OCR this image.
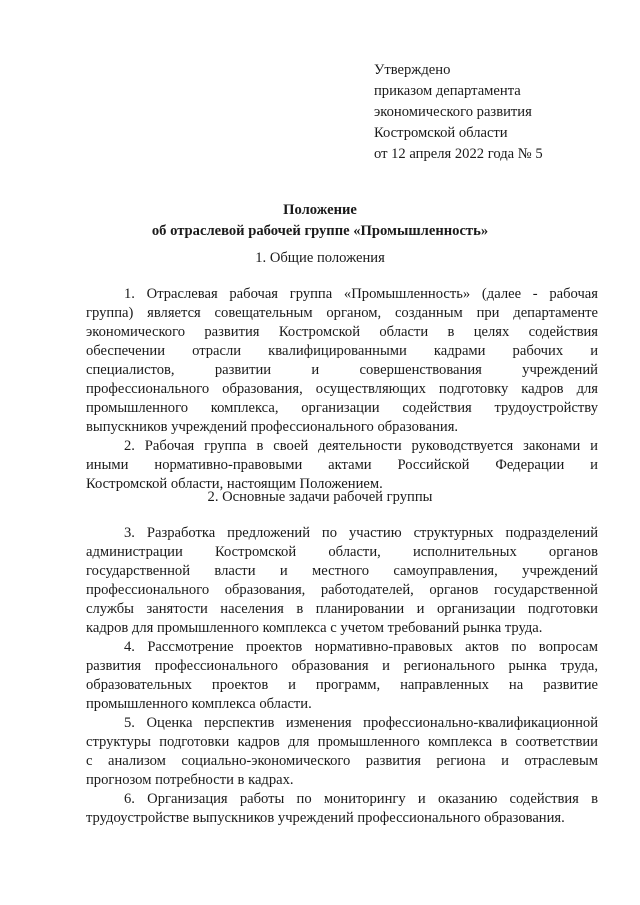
Утверждено
приказом департамента
экономического развития
Костромской области
от 12 апреля 2022 года № 5
Положение
об отраслевой рабочей группе «Промышленность»
1. Общие положения
1. Отраслевая рабочая группа «Промышленность» (далее - рабочая
группа) является совещательным органом, созданным при департаменте
экономического развития Костромской области в целях содействия
обеспечении отрасли квалифицированными кадрами рабочих и
специалистов, развитии и совершенствования учреждений
профессионального образования, осуществляющих подготовку кадров для
промышленного комплекса, организации содействия трудоустройству
выпускников учреждений профессионального образования.
2. Рабочая группа в своей деятельности руководствуется законами и
иными нормативно-правовыми актами Российской Федерации и
Костромской области, настоящим Положением.
2. Основные задачи рабочей группы
3. Разработка предложений по участию структурных подразделений
администрации Костромской области, исполнительных органов
государственной власти и местного самоуправления, учреждений
профессионального образования, работодателей, органов государственной
службы занятости населения в планировании и организации подготовки
кадров для промышленного комплекса с учетом требований рынка труда.
4. Рассмотрение проектов нормативно-правовых актов по вопросам
развития профессионального образования и регионального рынка труда,
образовательных проектов и программ, направленных на развитие
промышленного комплекса области.
5. Оценка перспектив изменения профессионально-квалификационной
структуры подготовки кадров для промышленного комплекса в соответствии
с анализом социально-экономического развития региона и отраслевым
прогнозом потребности в кадрах.
6. Организация работы по мониторингу и оказанию содействия в
трудоустройстве выпускников учреждений профессионального образования.
